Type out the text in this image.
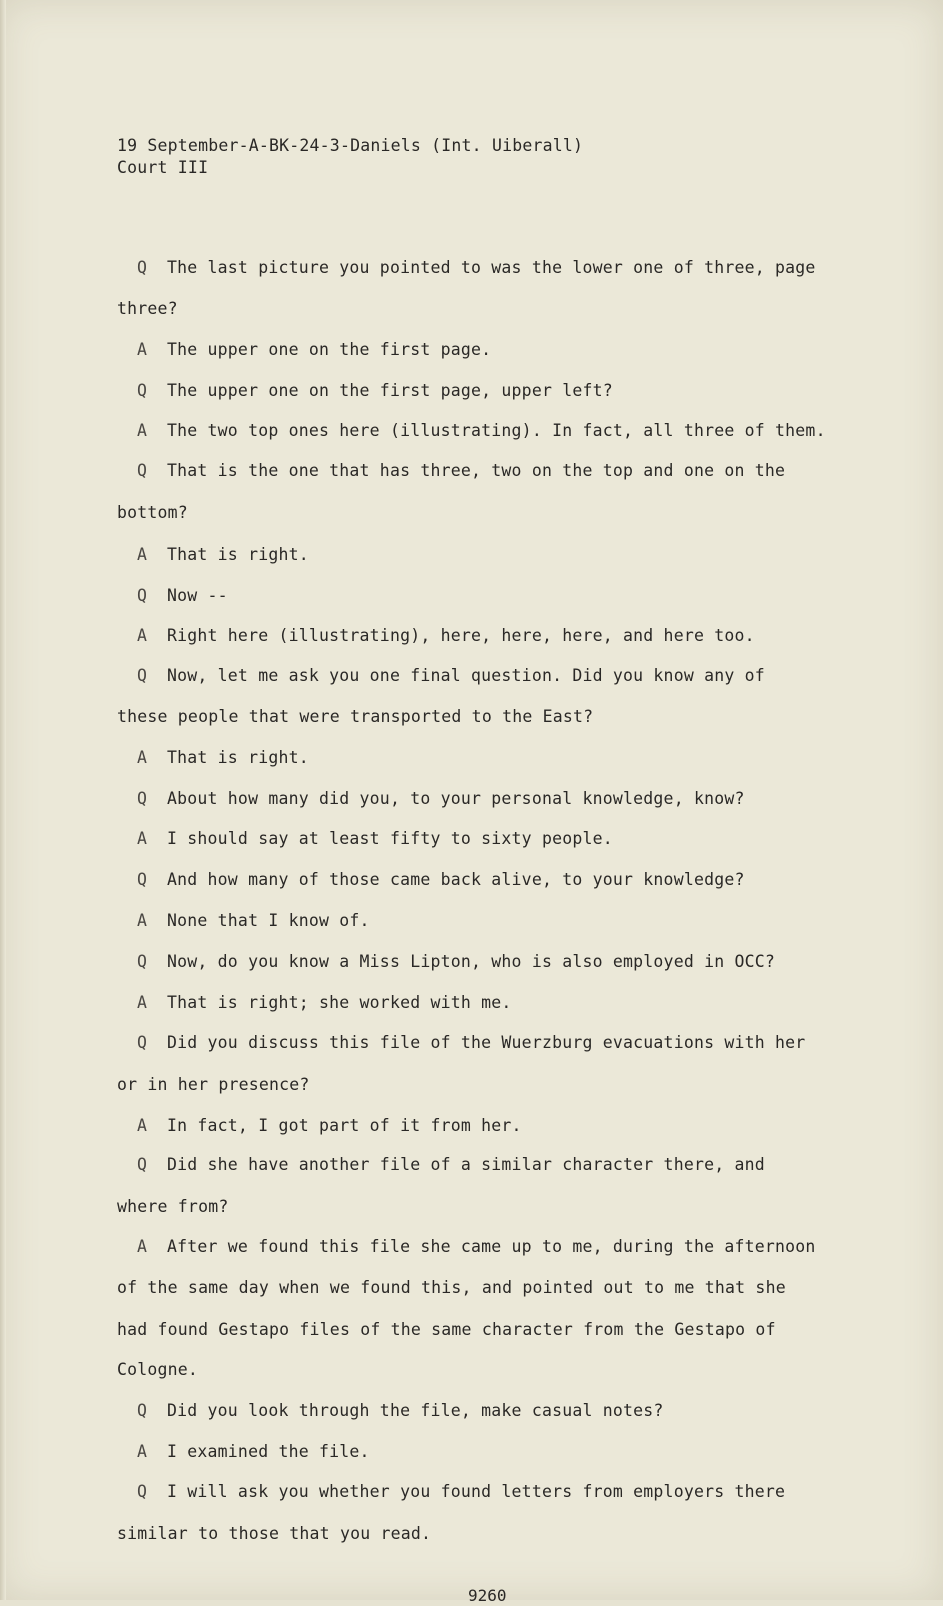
19 September-A-BK-24-3-Daniels (Int. Uiberall)
Court III
Q The last picture you pointed to was the lower one of three, page
three?
A The upper one on the first page.
Q The upper one on the first page, upper left?
A The two top ones here (illustrating). In fact, all three of them.
Q That is the one that has three, two on the top and one on the
bottom?
A That is right.
Q Now --
A Right here (illustrating), here, here, here, and here too.
Q Now, let me ask you one final question. Did you know any of
these people that were transported to the East?
A That is right.
Q About how many did you, to your personal knowledge, know?
A I should say at least fifty to sixty people.
Q And how many of those came back alive, to your knowledge?
A None that I know of.
Q Now, do you know a Miss Lipton, who is also employed in OCC?
A That is right; she worked with me.
Q Did you discuss this file of the Wuerzburg evacuations with her
or in her presence?
A In fact, I got part of it from her.
Q Did she have another file of a similar character there, and
where from?
A After we found this file she came up to me, during the afternoon
of the same day when we found this, and pointed out to me that she
had found Gestapo files of the same character from the Gestapo of
Cologne.
Q Did you look through the file, make casual notes?
A I examined the file.
Q I will ask you whether you found letters from employers there
similar to those that you read.
9260
